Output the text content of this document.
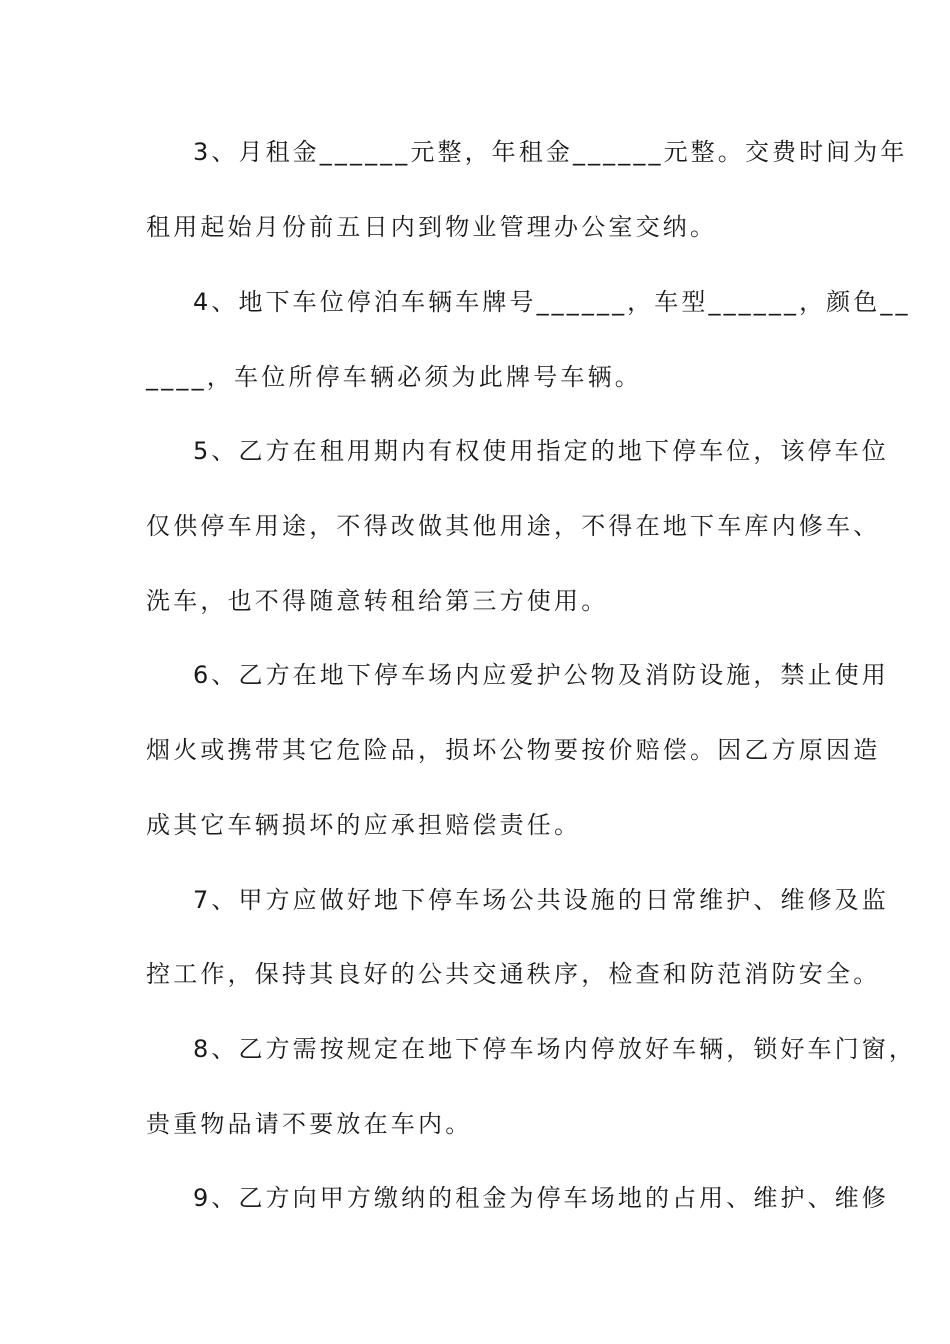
3、月租金______元整，年租金______元整。交费时间为年
租用起始月份前五日内到物业管理办公室交纳。
4、地下车位停泊车辆车牌号______，车型______，颜色__
____，车位所停车辆必须为此牌号车辆。
5、乙方在租用期内有权使用指定的地下停车位，该停车位
仅供停车用途，不得改做其他用途，不得在地下车库内修车、
洗车，也不得随意转租给第三方使用。
6、乙方在地下停车场内应爱护公物及消防设施，禁止使用
烟火或携带其它危险品，损坏公物要按价赔偿。因乙方原因造
成其它车辆损坏的应承担赔偿责任。
7、甲方应做好地下停车场公共设施的日常维护、维修及监
控工作，保持其良好的公共交通秩序，检查和防范消防安全。
8、乙方需按规定在地下停车场内停放好车辆，锁好车门窗，
贵重物品请不要放在车内。
9、乙方向甲方缴纳的租金为停车场地的占用、维护、维修
